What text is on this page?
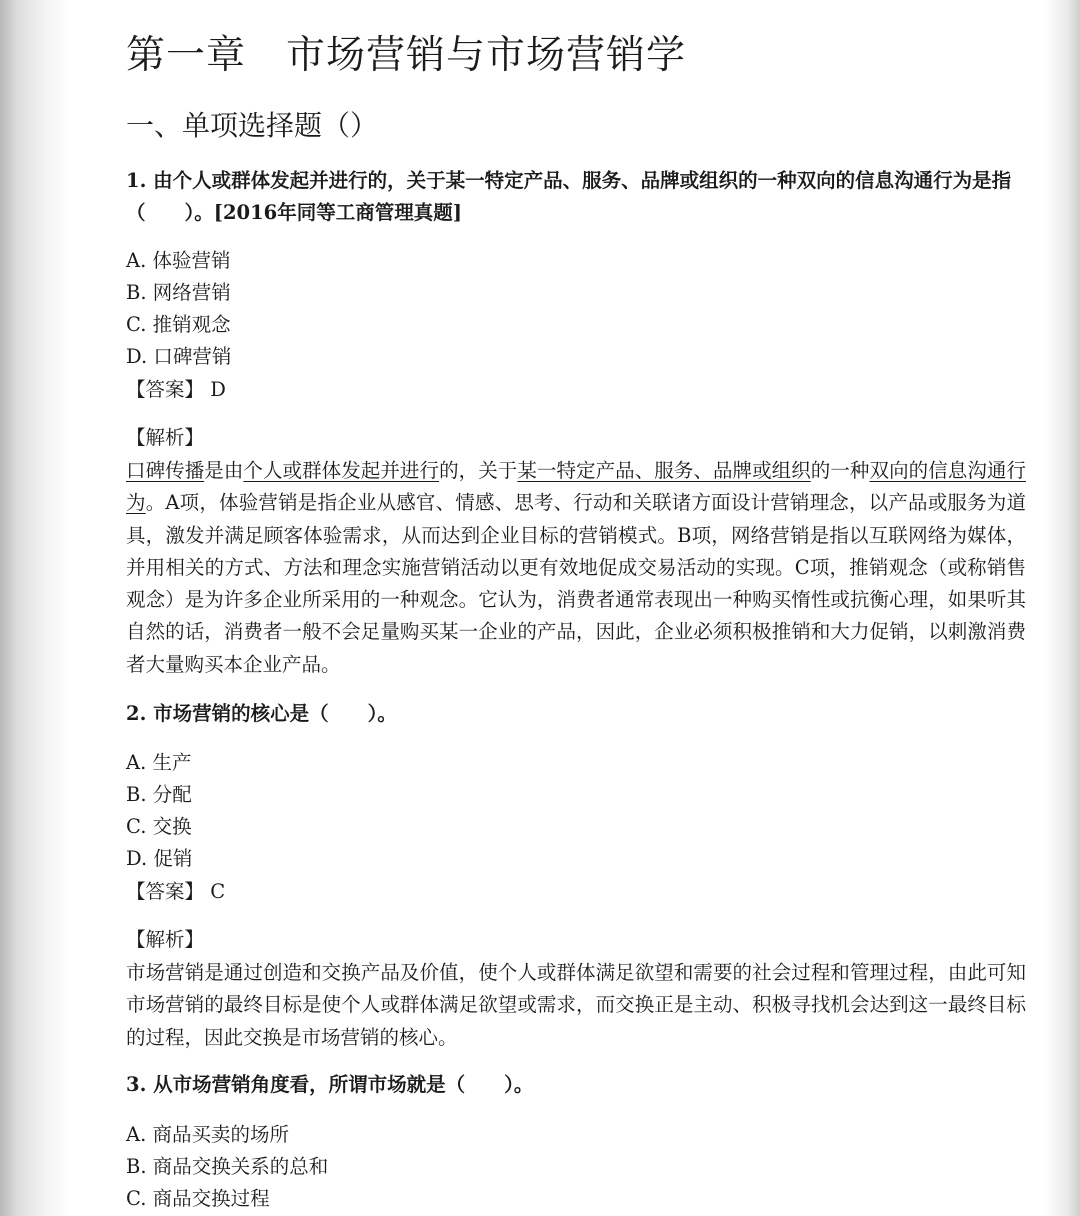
第一章　市场营销与市场营销学
一、单项选择题（）

1. 由个人或群体发起并进行的，关于某一特定产品、服务、品牌或组织的一种双向的信息沟通行为是指（　　）。[2016年同等工商管理真题]

A. 体验营销

B. 网络营销

C. 推销观念

D. 口碑营销

【答案】 D

【解析】

口碑传播是由个人或群体发起并进行的，关于某一特定产品、服务、品牌或组织的一种双向的信息沟通行为。A项，体验营销是指企业从感官、情感、思考、行动和关联诸方面设计营销理念，以产品或服务为道具，激发并满足顾客体验需求，从而达到企业目标的营销模式。B项，网络营销是指以互联网络为媒体，并用相关的方式、方法和理念实施营销活动以更有效地促成交易活动的实现。C项，推销观念（或称销售观念）是为许多企业所采用的一种观念。它认为，消费者通常表现出一种购买惰性或抗衡心理，如果听其自然的话，消费者一般不会足量购买某一企业的产品，因此，企业必须积极推销和大力促销，以刺激消费者大量购买本企业产品。

2. 市场营销的核心是（　　）。

A. 生产

B. 分配

C. 交换

D. 促销

【答案】 C

【解析】

市场营销是通过创造和交换产品及价值，使个人或群体满足欲望和需要的社会过程和管理过程，由此可知市场营销的最终目标是使个人或群体满足欲望或需求，而交换正是主动、积极寻找机会达到这一最终目标的过程，因此交换是市场营销的核心。

3. 从市场营销角度看，所谓市场就是（　　）。

A. 商品买卖的场所

B. 商品交换关系的总和

C. 商品交换过程
